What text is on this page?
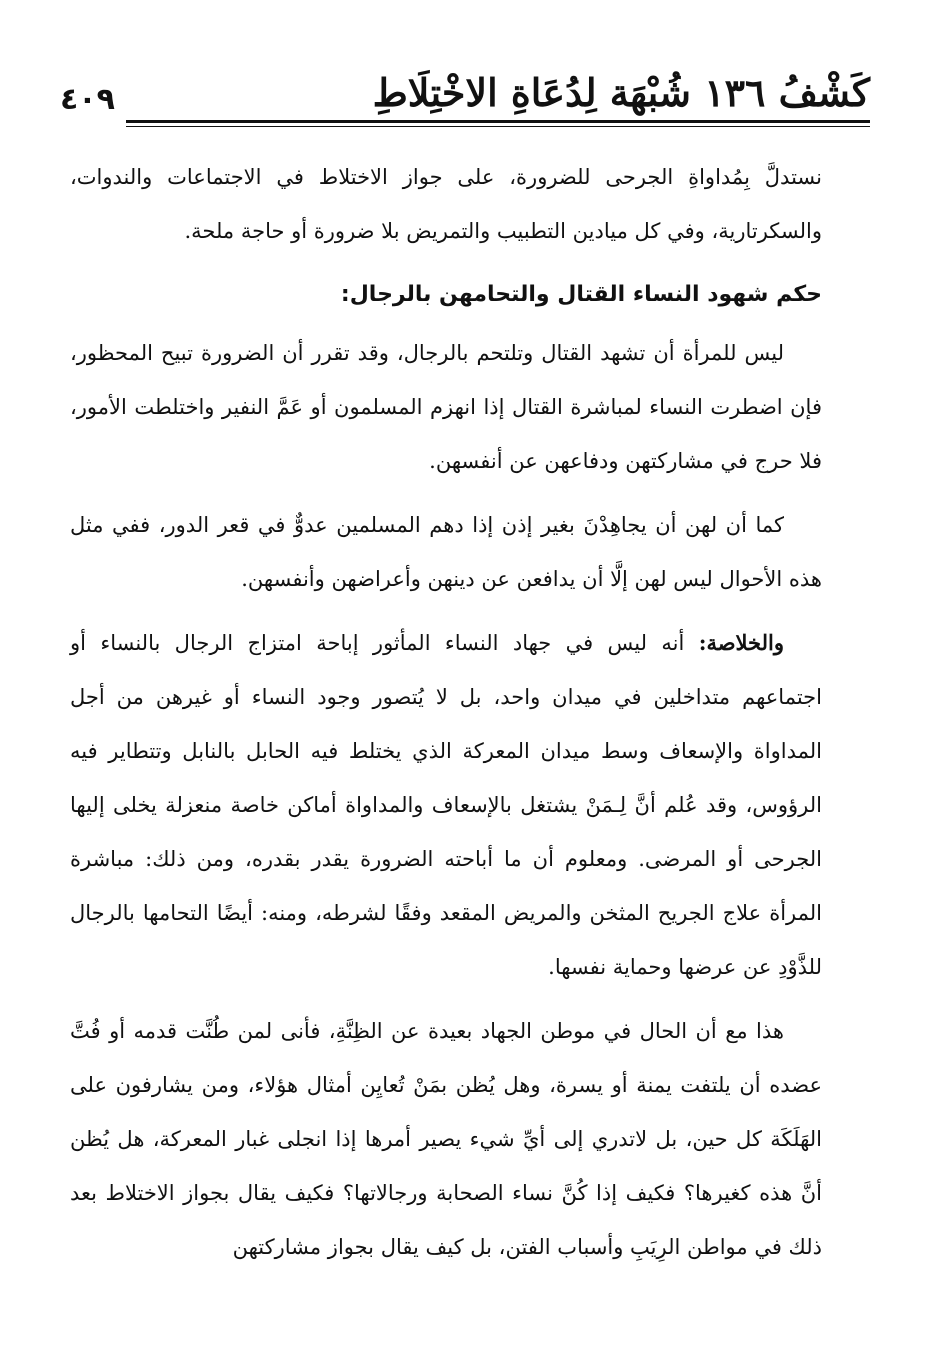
٤٠٩	كَشْفُ ١٣٦ شُبْهَة لِدُعَاةِ الاخْتِلَاطِ

نستدلَّ بِمُداواةِ الجرحى للضرورة، على جواز الاختلاط في الاجتماعات والندوات، والسكرتارية، وفي كل ميادين التطبيب والتمريض بلا ضرورة أو حاجة ملحة.

حكم شهود النساء القتال والتحامهن بالرجال:

ليس للمرأة أن تشهد القتال وتلتحم بالرجال، وقد تقرر أن الضرورة تبيح المحظور، فإن اضطرت النساء لمباشرة القتال إذا انهزم المسلمون أو عَمَّ النفير واختلطت الأمور، فلا حرج في مشاركتهن ودفاعهن عن أنفسهن.

كما أن لهن أن يجاهِدْنَ بغير إذن إذا دهم المسلمين عدوٌّ في قعر الدور، ففي مثل هذه الأحوال ليس لهن إلَّا أن يدافعن عن دينهن وأعراضهن وأنفسهن.

والخلاصة: أنه ليس في جهاد النساء المأثور إباحة امتزاج الرجال بالنساء أو اجتماعهم متداخلين في ميدان واحد، بل لا يُتصور وجود النساء أو غيرهن من أجل المداواة والإسعاف وسط ميدان المعركة الذي يختلط فيه الحابل بالنابل وتتطاير فيه الرؤوس، وقد عُلم أنَّ لِـمَنْ يشتغل بالإسعاف والمداواة أماكن خاصة منعزلة يخلى إليها الجرحى أو المرضى. ومعلوم أن ما أباحته الضرورة يقدر بقدره، ومن ذلك: مباشرة المرأة علاج الجريح المثخن والمريض المقعد وفقًا لشرطه، ومنه: أيضًا التحامها بالرجال للذَّوْدِ عن عرضها وحماية نفسها.

هذا مع أن الحال في موطن الجهاد بعيدة عن الظِنَّةِ، فأنى لمن طُنَّت قدمه أو فُتَّ عضده أن يلتفت يمنة أو يسرة، وهل يُظن بمَنْ تُعايِن أمثال هؤلاء، ومن يشارفون على الهَلَكَة كل حين، بل لاتدري إلى أيِّ شيء يصير أمرها إذا انجلى غبار المعركة، هل يُظن أنَّ هذه كغيرها؟ فكيف إذا كُنَّ نساء الصحابة ورجالاتها؟ فكيف يقال بجواز الاختلاط بعد ذلك في مواطن الرِيَبِ وأسباب الفتن، بل كيف يقال بجواز مشاركتهن
